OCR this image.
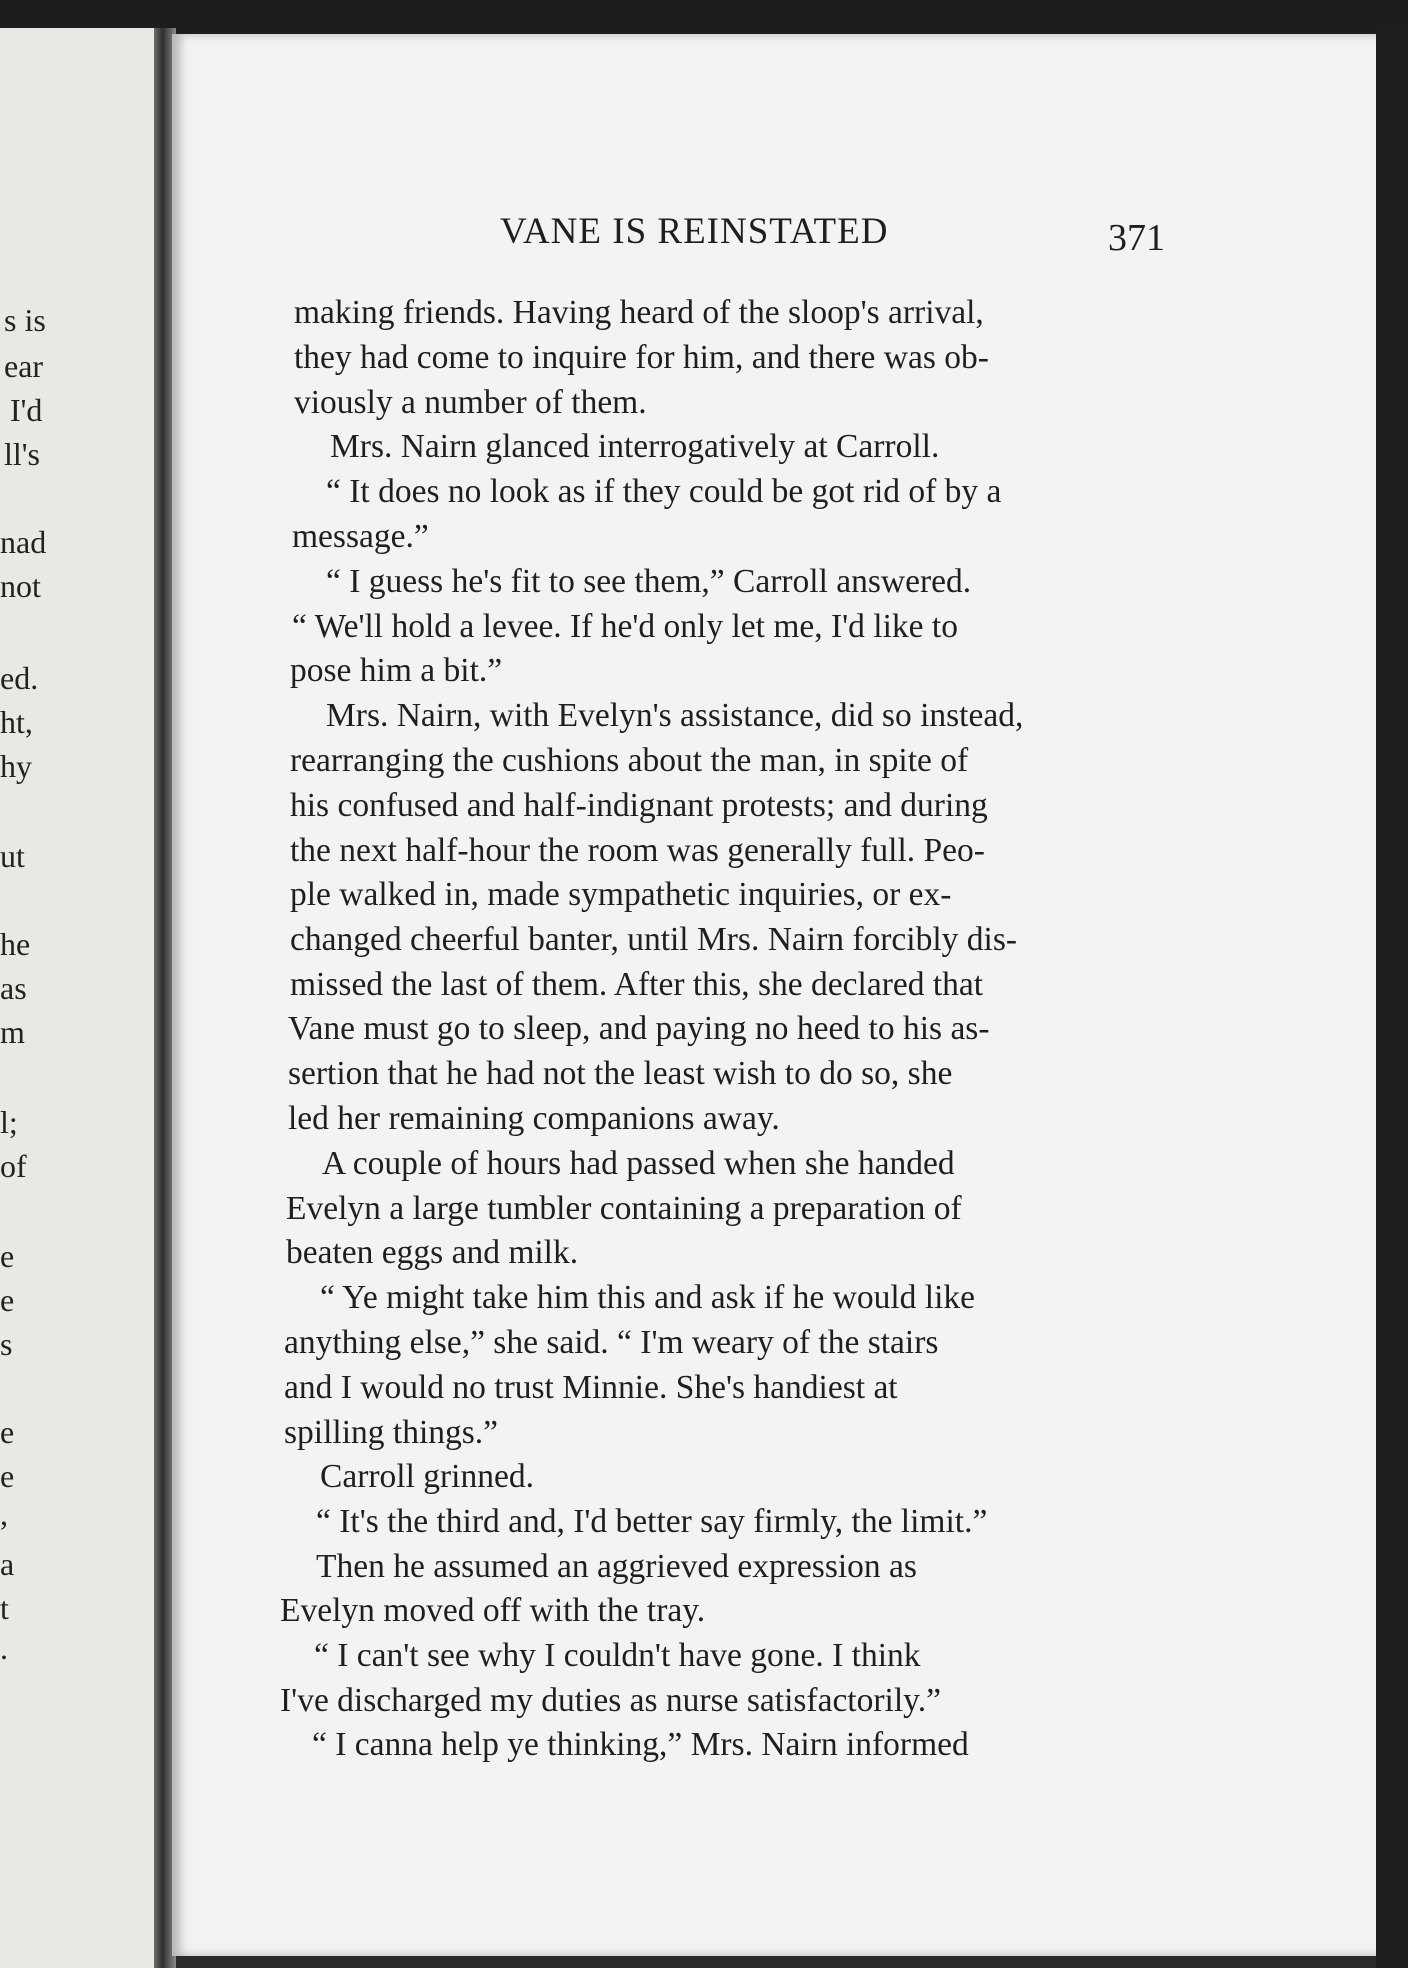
s is
ear
I'd
ll's
nad
not
ed.
ht,
hy
ut
he
as
m
l;
of
e
e
s
e
e
,
a
t
.
VANE IS REINSTATED	371
making friends. Having heard of the sloop's arrival,
they had come to inquire for him, and there was ob-
viously a number of them.
Mrs. Nairn glanced interrogatively at Carroll.
“ It does no look as if they could be got rid of by a
message.”
“ I guess he's fit to see them,” Carroll answered.
“ We'll hold a levee. If he'd only let me, I'd like to
pose him a bit.”
Mrs. Nairn, with Evelyn's assistance, did so instead,
rearranging the cushions about the man, in spite of
his confused and half-indignant protests; and during
the next half-hour the room was generally full. Peo-
ple walked in, made sympathetic inquiries, or ex-
changed cheerful banter, until Mrs. Nairn forcibly dis-
missed the last of them. After this, she declared that
Vane must go to sleep, and paying no heed to his as-
sertion that he had not the least wish to do so, she
led her remaining companions away.
A couple of hours had passed when she handed
Evelyn a large tumbler containing a preparation of
beaten eggs and milk.
“ Ye might take him this and ask if he would like
anything else,” she said. “ I'm weary of the stairs
and I would no trust Minnie. She's handiest at
spilling things.”
Carroll grinned.
“ It's the third and, I'd better say firmly, the limit.”
Then he assumed an aggrieved expression as
Evelyn moved off with the tray.
“ I can't see why I couldn't have gone. I think
I've discharged my duties as nurse satisfactorily.”
“ I canna help ye thinking,” Mrs. Nairn informed
